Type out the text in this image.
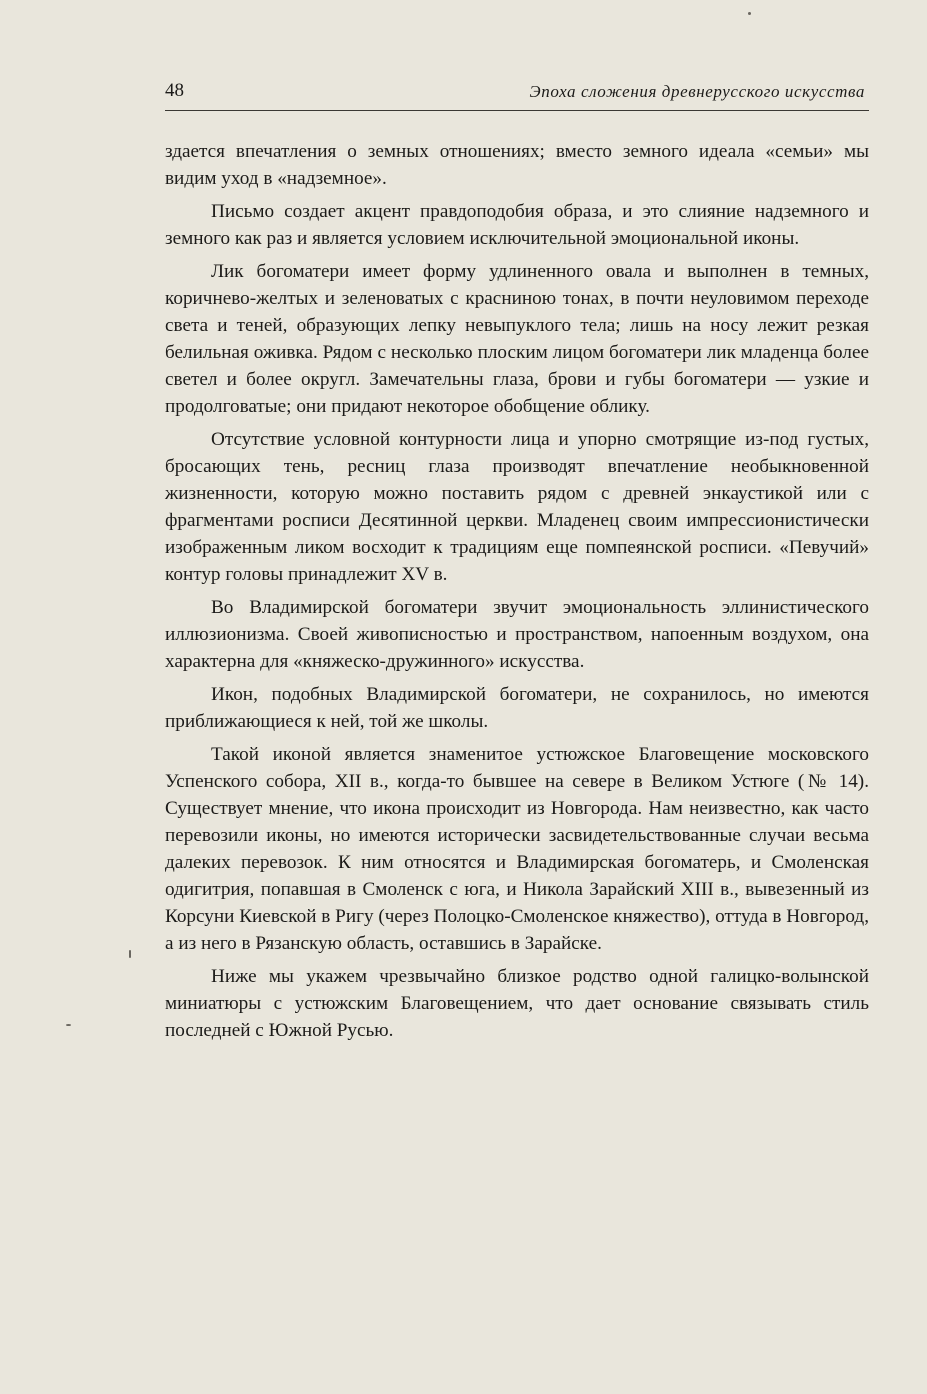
48	Эпоха сложения древнерусского искусства

здается впечатления о земных отношениях; вместо земного идеала «семьи» мы видим уход в «надземное».

Письмо создает акцент правдоподобия образа, и это слияние надземного и земного как раз и является условием исключительной эмоциональной иконы.

Лик богоматери имеет форму удлиненного овала и выполнен в темных, коричнево-желтых и зеленоватых с красниною тонах, в почти неуловимом переходе света и теней, образующих лепку невыпуклого тела; лишь на носу лежит резкая белильная оживка. Рядом с несколько плоским лицом богоматери лик младенца более светел и более округл. Замечательны глаза, брови и губы богоматери — узкие и продолговатые; они придают некоторое обобщение облику.

Отсутствие условной контурности лица и упорно смотрящие из-под густых, бросающих тень, ресниц глаза производят впечатление необыкновенной жизненности, которую можно поставить рядом с древней энкаустикой или с фрагментами росписи Десятинной церкви. Младенец своим импрессионистически изображенным ликом восходит к традициям еще помпеянской росписи. «Певучий» контур головы принадлежит XV в.

Во Владимирской богоматери звучит эмоциональность эллинистического иллюзионизма. Своей живописностью и пространством, напоенным воздухом, она характерна для «княжеско-дружинного» искусства.

Икон, подобных Владимирской богоматери, не сохранилось, но имеются приближающиеся к ней, той же школы.

Такой иконой является знаменитое устюжское Благовещение московского Успенского собора, XII в., когда-то бывшее на севере в Великом Устюге (№ 14). Существует мнение, что икона происходит из Новгорода. Нам неизвестно, как часто перевозили иконы, но имеются исторически засвидетельствованные случаи весьма далеких перевозок. К ним относятся и Владимирская богоматерь, и Смоленская одигитрия, попавшая в Смоленск с юга, и Никола Зарайский XIII в., вывезенный из Корсуни Киевской в Ригу (через Полоцко-Смоленское княжество), оттуда в Новгород, а из него в Рязанскую область, оставшись в Зарайске.

Ниже мы укажем чрезвычайно близкое родство одной галицко-волынской миниатюры с устюжским Благовещением, что дает основание связывать стиль последней с Южной Русью.
